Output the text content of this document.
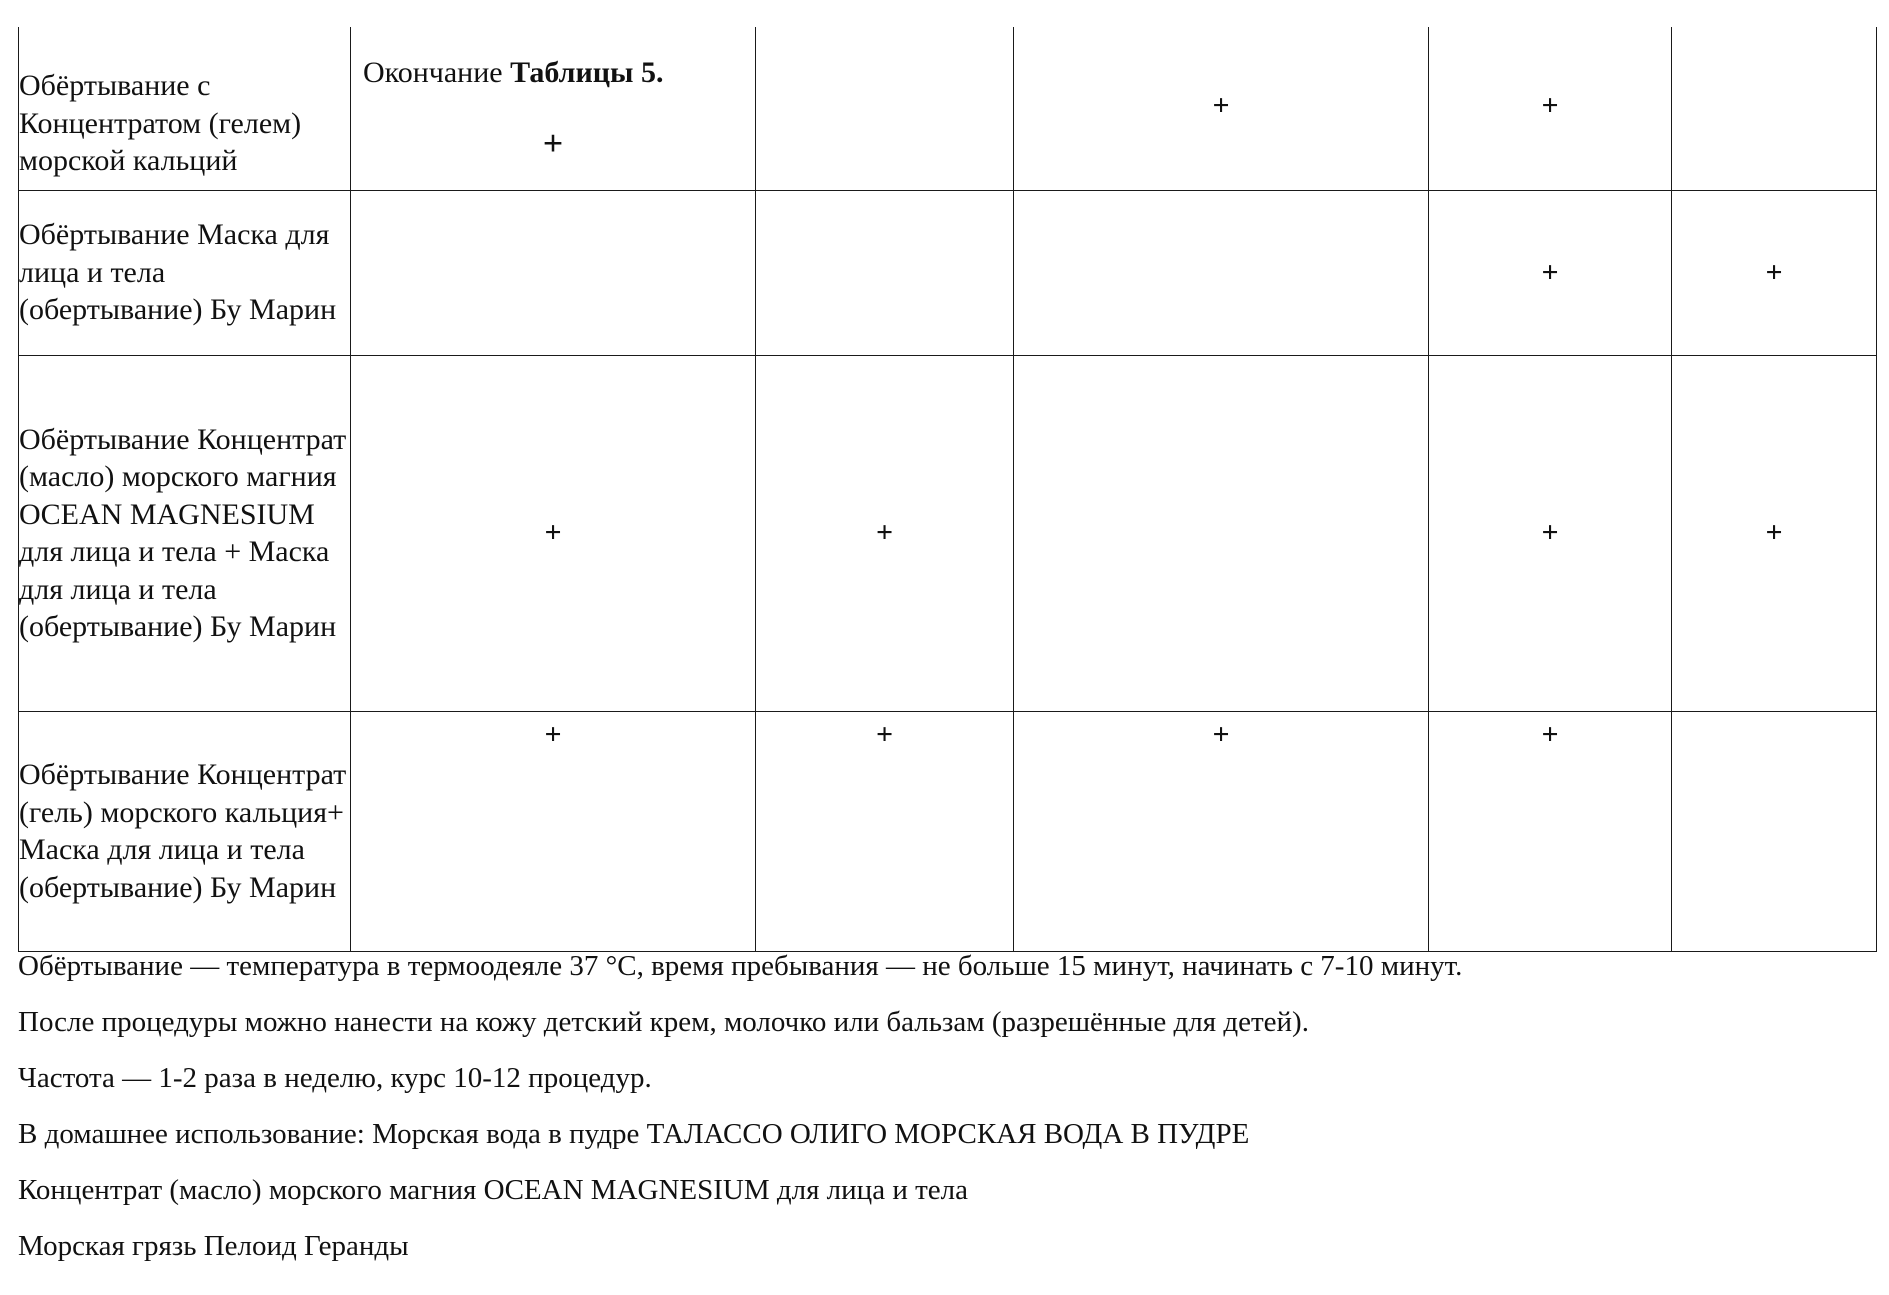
Обёртывание с Концентратом (гелем) морской кальций	
Окончание Таблицы 5.
+
		+	+	
Обёртывание Маска для лица и тела (обертывание) Бу Марин				+	+
Обёртывание Концентрат (масло) морского магния OCEAN MAGNESIUM для лица и тела + Маска для лица и тела (обертывание) Бу Марин	+	+		+	+
Обёртывание Концентрат (гель) морского кальция+ Маска для лица и тела (обертывание) Бу Марин	+	+	+	+	

Обёртывание — температура в термоодеяле 37 °С, время пребывания — не больше 15 минут, начинать с 7-10 минут.

После процедуры можно нанести на кожу детский крем, молочко или бальзам (разрешённые для детей).

Частота — 1-2 раза в неделю, курс 10-12 процедур.

В домашнее использование: Морская вода в пудре ТАЛАССО ОЛИГО МОРСКАЯ ВОДА В ПУДРЕ

Концентрат (масло) морского магния OCEAN MAGNESIUM для лица и тела

Морская грязь Пелоид Геранды
